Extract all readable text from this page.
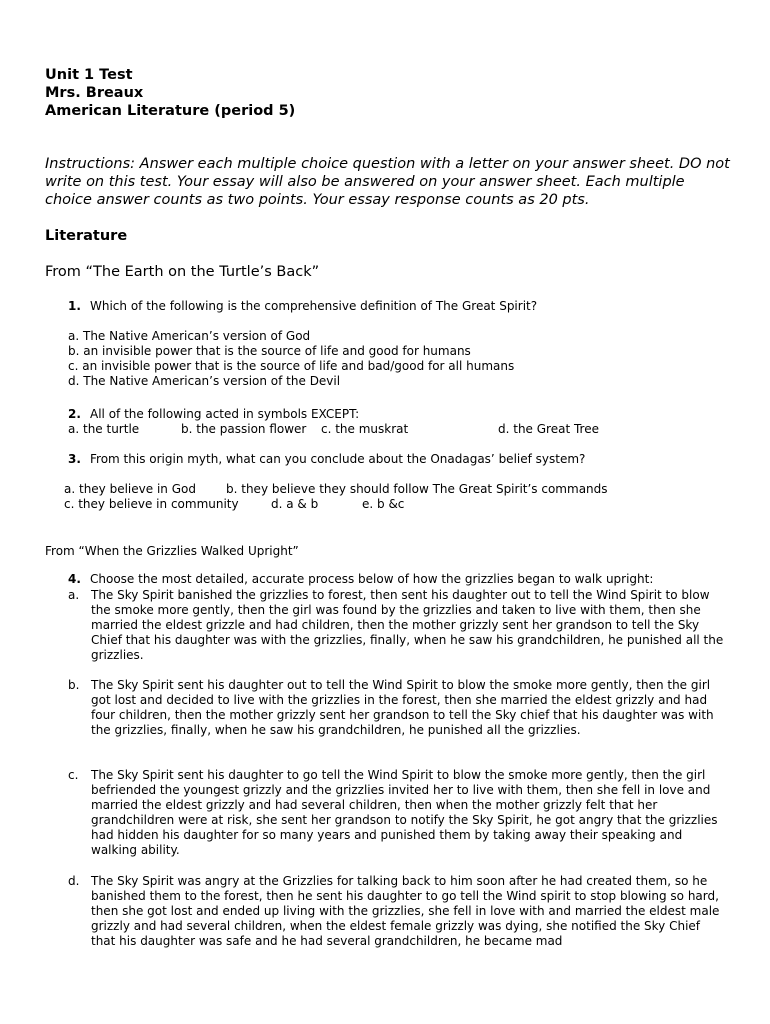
Unit 1 Test
Mrs. Breaux
American Literature (period 5)
Instructions: Answer each multiple choice question with a letter on your answer sheet. DO not write on this test. Your essay will also be answered on your answer sheet. Each multiple choice answer counts as two points. Your essay response counts as 20 pts.
Literature
From “The Earth on the Turtle’s Back”
1. Which of the following is the comprehensive definition of The Great Spirit?
a. The Native American’s version of God
b. an invisible power that is the source of life and good for humans
c. an invisible power that is the source of life and bad/good for all humans
d. The Native American’s version of the Devil
2. All of the following acted in symbols EXCEPT:
a. the turtle	b. the passion flower c. the muskrat	d. the Great Tree
3. From this origin myth, what can you conclude about the Onadagas’ belief system?
a. they believe in God	b. they believe they should follow The Great Spirit’s commands
c. they believe in community	d. a & b	e. b &c
From “When the Grizzlies Walked Upright”
4. Choose the most detailed, accurate process below of how the grizzlies began to walk upright:
a. The Sky Spirit banished the grizzlies to forest, then sent his daughter out to tell the Wind Spirit to blow the smoke more gently, then the girl was found by the grizzlies and taken to live with them, then she married the eldest grizzle and had children, then the mother grizzly sent her grandson to tell the Sky Chief that his daughter was with the grizzlies, finally, when he saw his grandchildren, he punished all the grizzlies.
b. The Sky Spirit sent his daughter out to tell the Wind Spirit to blow the smoke more gently, then the girl got lost and decided to live with the grizzlies in the forest, then she married the eldest grizzly and had four children, then the mother grizzly sent her grandson to tell the Sky chief that his daughter was with the grizzlies, finally, when he saw his grandchildren, he punished all the grizzlies.
c. The Sky Spirit sent his daughter to go tell the Wind Spirit to blow the smoke more gently, then the girl befriended the youngest grizzly and the grizzlies invited her to live with them, then she fell in love and married the eldest grizzly and had several children, then when the mother grizzly felt that her grandchildren were at risk, she sent her grandson to notify the Sky Spirit, he got angry that the grizzlies had hidden his daughter for so many years and punished them by taking away their speaking and walking ability.
d. The Sky Spirit was angry at the Grizzlies for talking back to him soon after he had created them, so he banished them to the forest, then he sent his daughter to go tell the Wind spirit to stop blowing so hard, then she got lost and ended up living with the grizzlies, she fell in love with and married the eldest male grizzly and had several children, when the eldest female grizzly was dying, she notified the Sky Chief that his daughter was safe and he had several grandchildren, he became mad
